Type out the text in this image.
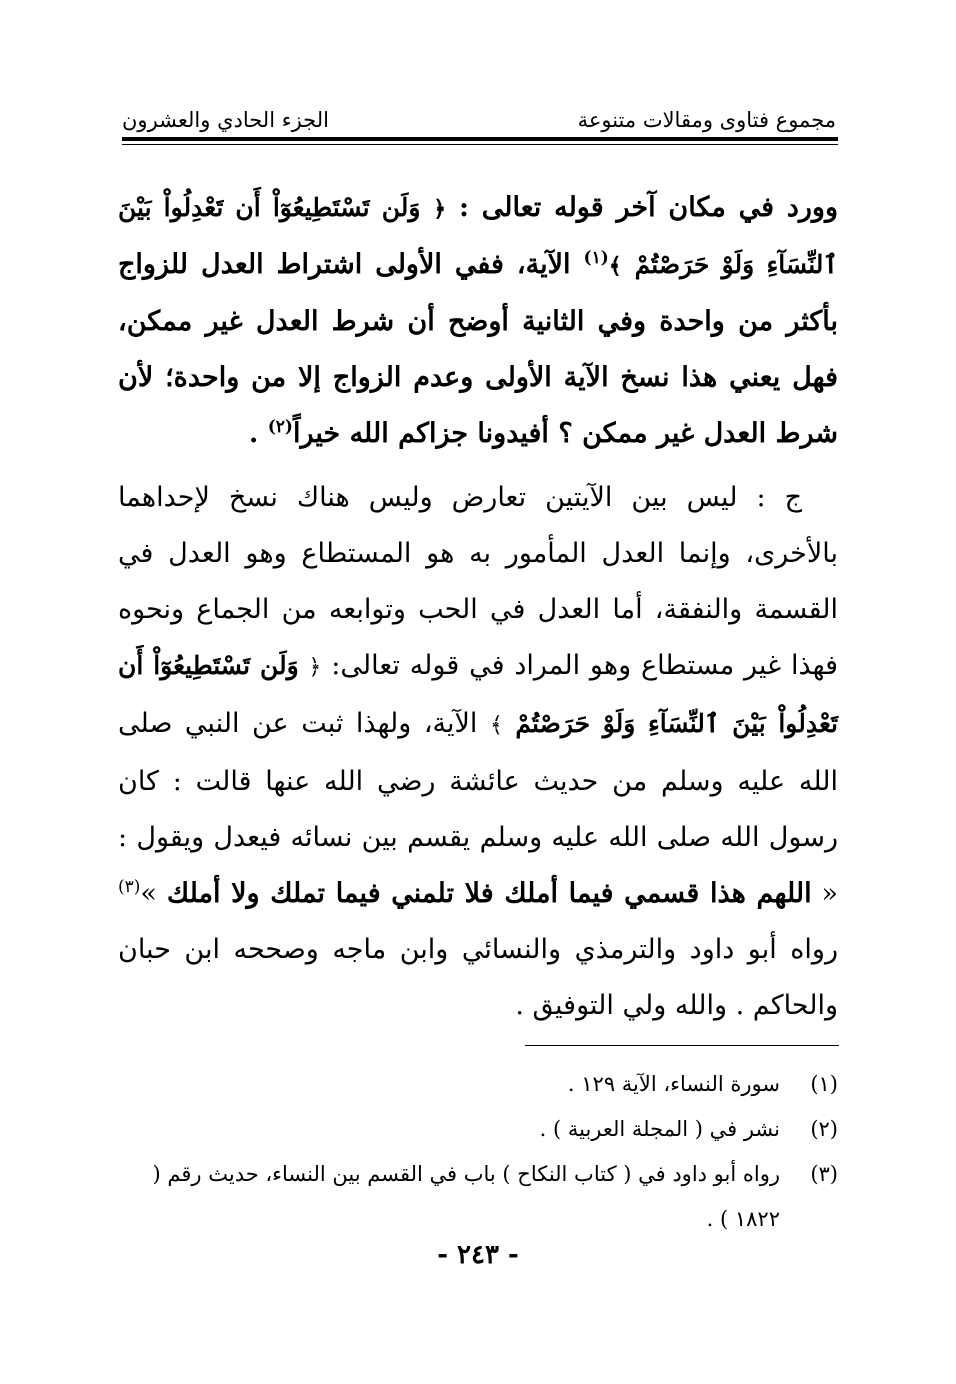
مجموع فتاوى ومقالات متنوعة
الجزء الحادي والعشرون

وورد في مكان آخر قوله تعالى : ﴿ وَلَن تَسْتَطِيعُوٓاْ أَن تَعْدِلُواْ بَيْنَ ٱلنِّسَآءِ وَلَوْ حَرَصْتُمْ ﴾$^{(١)}$ الآية، ففي الأولى اشتراط العدل للزواج بأكثر من واحدة وفي الثانية أوضح أن شرط العدل غير ممكن، فهل يعني هذا نسخ الآية الأولى وعدم الزواج إلا من واحدة؛ لأن شرط العدل غير ممكن ؟ أفيدونا جزاكم الله خيراً$^{(٢)}$ .

ج : ليس بين الآيتين تعارض وليس هناك نسخ لإحداهما بالأخرى، وإنما العدل المأمور به هو المستطاع وهو العدل في القسمة والنفقة، أما العدل في الحب وتوابعه من الجماع ونحوه فهذا غير مستطاع وهو المراد في قوله تعالى: ﴿ وَلَن تَسْتَطِيعُوٓاْ أَن تَعْدِلُواْ بَيْنَ ٱلنِّسَآءِ وَلَوْ حَرَصْتُمْ ﴾ الآية، ولهذا ثبت عن النبي صلى الله عليه وسلم من حديث عائشة رضي الله عنها قالت : كان رسول الله صلى الله عليه وسلم يقسم بين نسائه فيعدل ويقول : « اللهم هذا قسمي فيما أملك فلا تلمني فيما تملك ولا أملك »$^{(٣)}$ رواه أبو داود والترمذي والنسائي وابن ماجه وصححه ابن حبان والحاكم . والله ولي التوفيق .

(١)
سورة النساء، الآية ١٢٩ .
(٢)
نشر في ( المجلة العربية ) .
(٣)
رواه أبو داود في ( كتاب النكاح ) باب في القسم بين النساء، حديث رقم ( ١٨٢٢ ) .
- ٢٤٣ -
